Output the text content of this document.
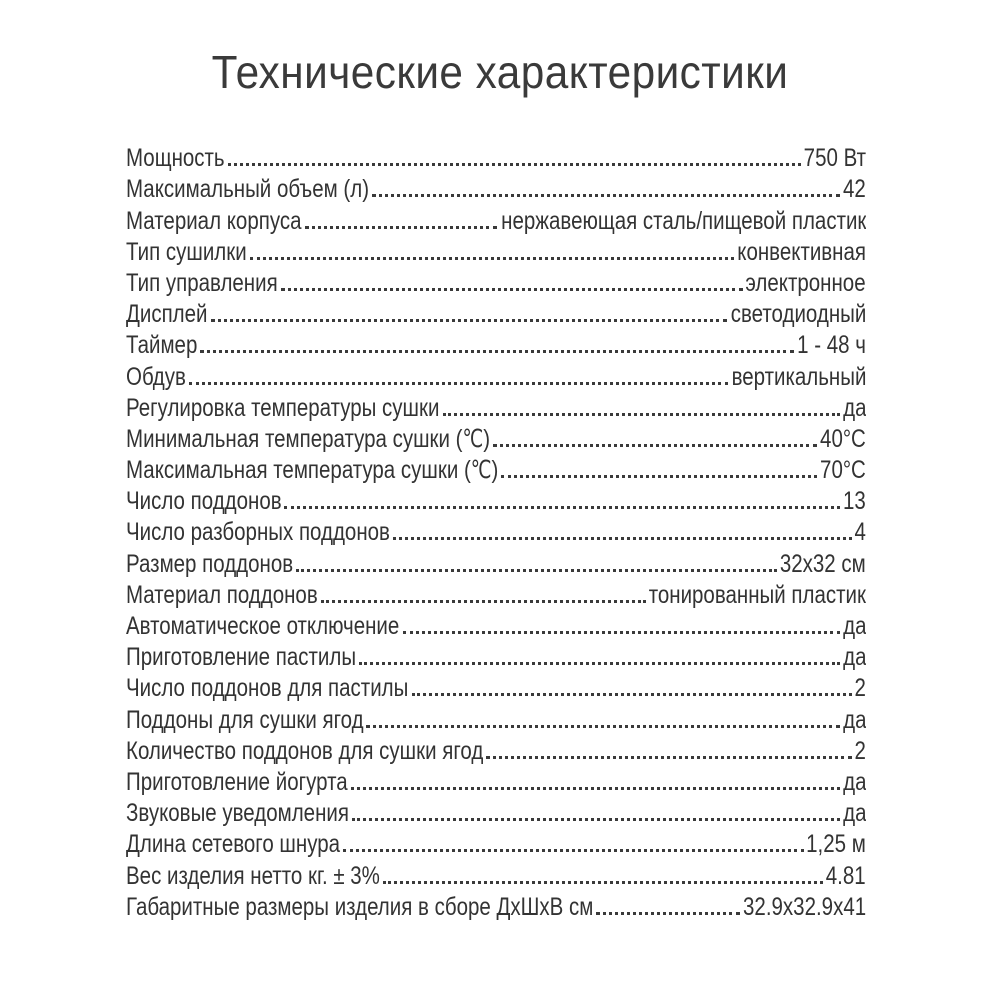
Технические характеристики
Мощность	750 Вт
Максимальный объем (л)	42
Материал корпуса	нержавеющая сталь/пищевой пластик
Тип сушилки	конвективная
Тип управления	электронное
Дисплей	светодиодный
Таймер	1 - 48 ч
Обдув	вертикальный
Регулировка температуры сушки	да
Минимальная температура сушки (℃)	40°C
Максимальная температура сушки (℃)	70°C
Число поддонов	13
Число разборных поддонов	4
Размер поддонов	32x32 см
Материал поддонов	тонированный пластик
Автоматическое отключение	да
Приготовление пастилы	да
Число поддонов для пастилы	2
Поддоны для сушки ягод	да
Количество поддонов для сушки ягод	2
Приготовление йогурта	да
Звуковые уведомления	да
Длина сетевого шнура	1,25 м
Вес изделия нетто кг. ± 3%	4.81
Габаритные размеры изделия в сборе ДхШхВ см	32.9x32.9x41
